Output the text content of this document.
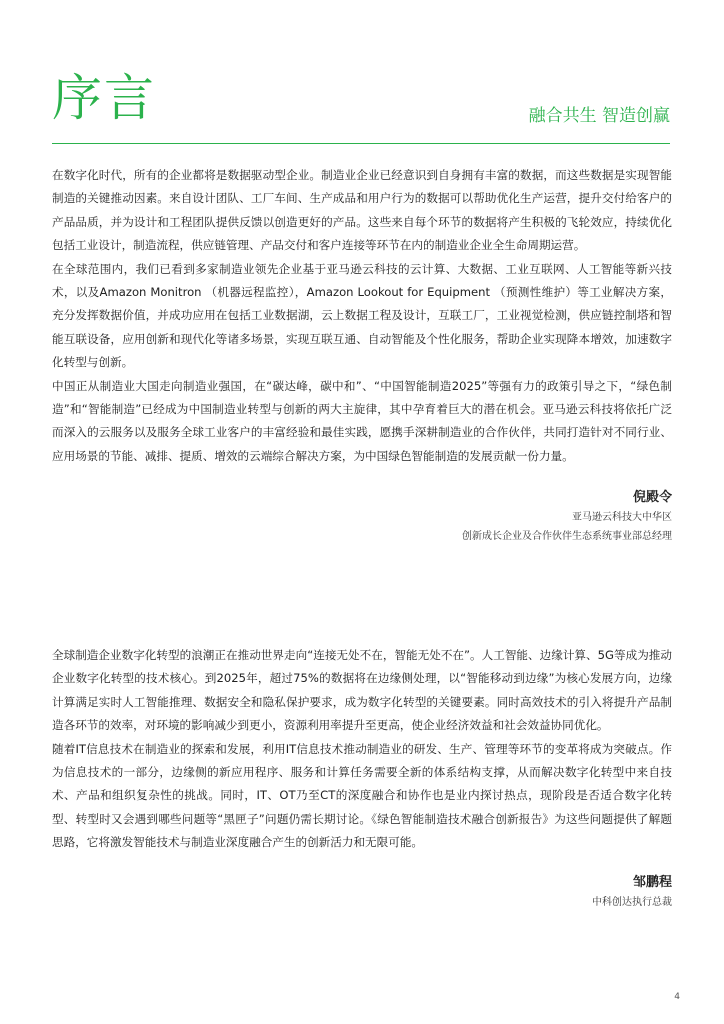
序言	融合共生 智造创赢

在数字化时代，所有的企业都将是数据驱动型企业。制造业企业已经意识到自身拥有丰富的数据，而这些数据是实现智能制造的关键推动因素。来自设计团队、工厂车间、生产成品和用户行为的数据可以帮助优化生产运营，提升交付给客户的产品品质，并为设计和工程团队提供反馈以创造更好的产品。这些来自每个环节的数据将产生积极的飞轮效应，持续优化包括工业设计，制造流程，供应链管理、产品交付和客户连接等环节在内的制造业企业全生命周期运营。

在全球范围内，我们已看到多家制造业领先企业基于亚马逊云科技的云计算、大数据、工业互联网、人工智能等新兴技术，以及Amazon Monitron （机器远程监控），Amazon Lookout for Equipment （预测性维护）等工业解决方案，充分发挥数据价值，并成功应用在包括工业数据湖，云上数据工程及设计，互联工厂，工业视觉检测，供应链控制塔和智能互联设备，应用创新和现代化等诸多场景，实现互联互通、自动智能及个性化服务，帮助企业实现降本增效，加速数字化转型与创新。

中国正从制造业大国走向制造业强国，在“碳达峰，碳中和”、“中国智能制造2025”等强有力的政策引导之下，“绿色制造”和“智能制造”已经成为中国制造业转型与创新的两大主旋律，其中孕育着巨大的潜在机会。亚马逊云科技将依托广泛而深入的云服务以及服务全球工业客户的丰富经验和最佳实践，愿携手深耕制造业的合作伙伴，共同打造针对不同行业、应用场景的节能、减排、提质、增效的云端综合解决方案，为中国绿色智能制造的发展贡献一份力量。

倪殿令
亚马逊云科技大中华区
创新成长企业及合作伙伴生态系统事业部总经理

全球制造企业数字化转型的浪潮正在推动世界走向“连接无处不在，智能无处不在”。人工智能、边缘计算、5G等成为推动企业数字化转型的技术核心。到2025年，超过75%的数据将在边缘侧处理，以“智能移动到边缘”为核心发展方向，边缘计算满足实时人工智能推理、数据安全和隐私保护要求，成为数字化转型的关键要素。同时高效技术的引入将提升产品制造各环节的效率，对环境的影响减少到更小，资源利用率提升至更高，使企业经济效益和社会效益协同优化。

随着IT信息技术在制造业的探索和发展，利用IT信息技术推动制造业的研发、生产、管理等环节的变革将成为突破点。作为信息技术的一部分，边缘侧的新应用程序、服务和计算任务需要全新的体系结构支撑，从而解决数字化转型中来自技术、产品和组织复杂性的挑战。同时，IT、OT乃至CT的深度融合和协作也是业内探讨热点，现阶段是否适合数字化转型、转型时又会遇到哪些问题等“黑匣子”问题仍需长期讨论。《绿色智能制造技术融合创新报告》为这些问题提供了解题思路，它将激发智能技术与制造业深度融合产生的创新活力和无限可能。

邹鹏程
中科创达执行总裁
4
